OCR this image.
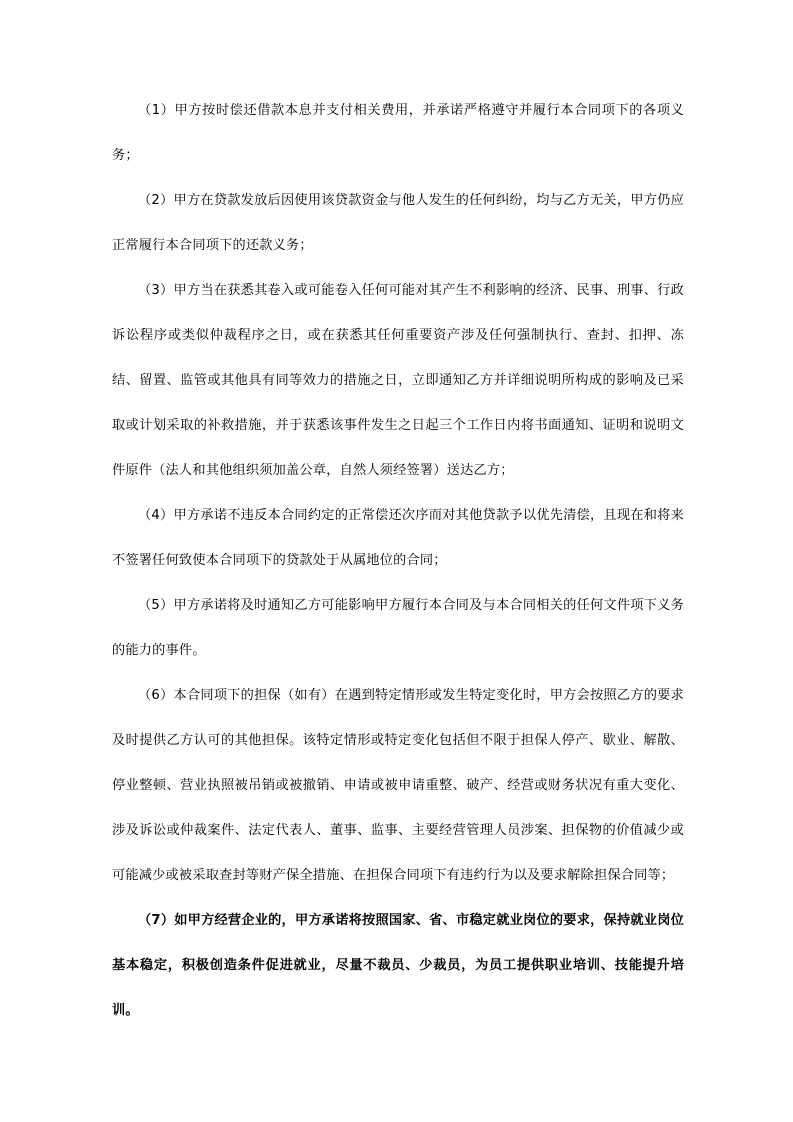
（1）甲方按时偿还借款本息并支付相关费用，并承诺严格遵守并履行本合同项下的各项义务；

（2）甲方在贷款发放后因使用该贷款资金与他人发生的任何纠纷，均与乙方无关，甲方仍应正常履行本合同项下的还款义务；

（3）甲方当在获悉其卷入或可能卷入任何可能对其产生不利影响的经济、民事、刑事、行政诉讼程序或类似仲裁程序之日，或在获悉其任何重要资产涉及任何强制执行、查封、扣押、冻结、留置、监管或其他具有同等效力的措施之日，立即通知乙方并详细说明所构成的影响及已采取或计划采取的补救措施，并于获悉该事件发生之日起三个工作日内将书面通知、证明和说明文件原件（法人和其他组织须加盖公章，自然人须经签署）送达乙方；

（4）甲方承诺不违反本合同约定的正常偿还次序而对其他贷款予以优先清偿，且现在和将来不签署任何致使本合同项下的贷款处于从属地位的合同；

（5）甲方承诺将及时通知乙方可能影响甲方履行本合同及与本合同相关的任何文件项下义务的能力的事件。

（6）本合同项下的担保（如有）在遇到特定情形或发生特定变化时，甲方会按照乙方的要求及时提供乙方认可的其他担保。该特定情形或特定变化包括但不限于担保人停产、歇业、解散、停业整顿、营业执照被吊销或被撤销、申请或被申请重整、破产、经营或财务状况有重大变化、涉及诉讼或仲裁案件、法定代表人、董事、监事、主要经营管理人员涉案、担保物的价值减少或可能减少或被采取查封等财产保全措施、在担保合同项下有违约行为以及要求解除担保合同等；

（7）如甲方经营企业的，甲方承诺将按照国家、省、市稳定就业岗位的要求，保持就业岗位基本稳定，积极创造条件促进就业，尽量不裁员、少裁员，为员工提供职业培训、技能提升培训。
